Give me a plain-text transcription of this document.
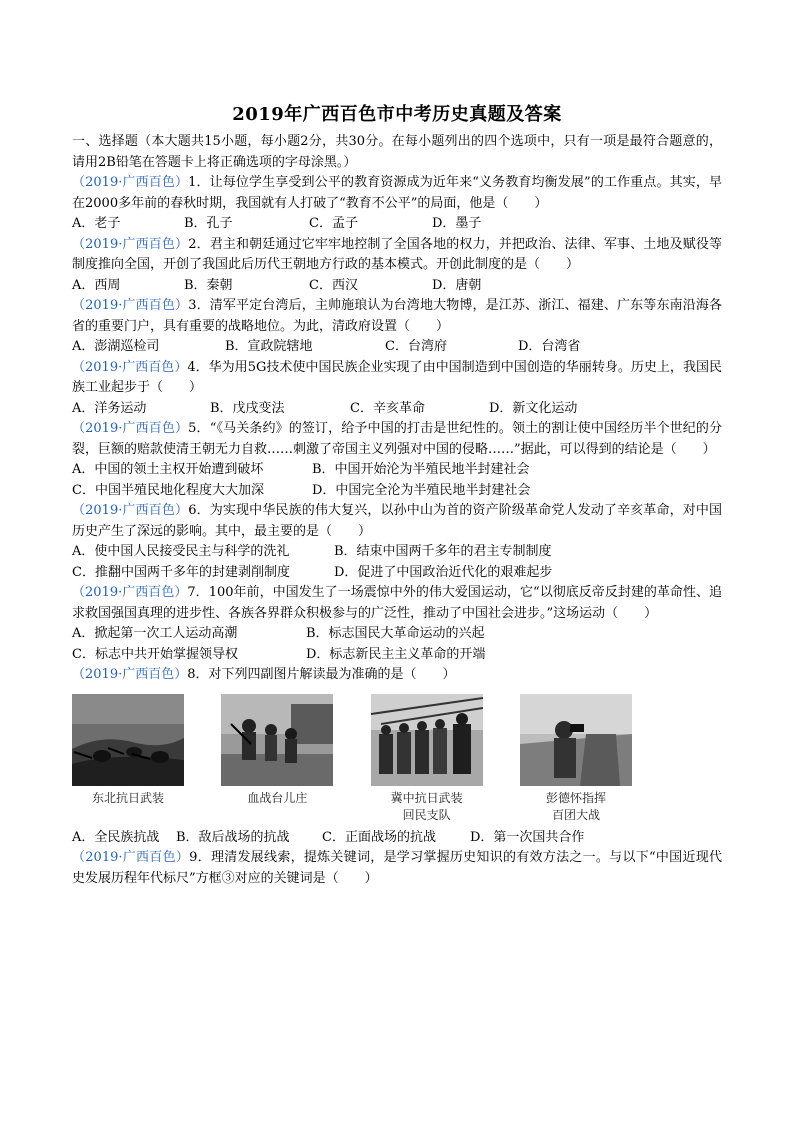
2019年广西百色市中考历史真题及答案

一、选择题（本大题共15小题，每小题2分，共30分。在每小题列出的四个选项中，只有一项是最符合题意的，请用2B铅笔在答题卡上将正确选项的字母涂黑。）

（2019·广西百色）1．让每位学生享受到公平的教育资源成为近年来“义务教育均衡发展”的工作重点。其实，早在2000多年前的春秋时期，我国就有人打破了“教育不公平”的局面，他是（　　）

A．老子	B．孔子	C．孟子	D．墨子

（2019·广西百色）2．君主和朝廷通过它牢牢地控制了全国各地的权力，并把政治、法律、军事、土地及赋役等制度推向全国，开创了我国此后历代王朝地方行政的基本模式。开创此制度的是（　　）

A．西周	B．秦朝	C．西汉	D．唐朝

（2019·广西百色）3．清军平定台湾后，主帅施琅认为台湾地大物博，是江苏、浙江、福建、广东等东南沿海各省的重要门户，具有重要的战略地位。为此，清政府设置（　　）

A．澎湖巡检司	B．宣政院辖地	C．台湾府	D．台湾省

（2019·广西百色）4．华为用5G技术使中国民族企业实现了由中国制造到中国创造的华丽转身。历史上，我国民族工业起步于（　　）

A．洋务运动	B．戊戌变法	C．辛亥革命	D．新文化运动

（2019·广西百色）5．“《马关条约》的签订，给予中国的打击是世纪性的。领土的割让使中国经历半个世纪的分裂，巨额的赔款使清王朝无力自救……刺激了帝国主义列强对中国的侵略……”据此，可以得到的结论是（　　）

A．中国的领土主权开始遭到破坏	B．中国开始沦为半殖民地半封建社会
C．中国半殖民地化程度大大加深	D．中国完全沦为半殖民地半封建社会

（2019·广西百色）6．为实现中华民族的伟大复兴，以孙中山为首的资产阶级革命党人发动了辛亥革命，对中国历史产生了深远的影响。其中，最主要的是（　　）

A．使中国人民接受民主与科学的洗礼	B．结束中国两千多年的君主专制制度
C．推翻中国两千多年的封建剥削制度	D．促进了中国政治近代化的艰难起步

（2019·广西百色）7．100年前，中国发生了一场震惊中外的伟大爱国运动，它“以彻底反帝反封建的革命性、追求救国强国真理的进步性、各族各界群众积极参与的广泛性，推动了中国社会进步。”这场运动（　　）

A．掀起第一次工人运动高潮	B．标志国民大革命运动的兴起
C．标志中共开始掌握领导权	D．标志新民主主义革命的开端

（2019·广西百色）8．对下列四副图片解读最为准确的是（　　）

东北抗日武装	血战台儿庄	冀中抗日武装
回民支队
彭德怀指挥
百团大战
A．全民族抗战	B．敌后战场的抗战	C．正面战场的抗战	D．第一次国共合作

（2019·广西百色）9．理清发展线索，提炼关键词，是学习掌握历史知识的有效方法之一。与以下“中国近现代史发展历程年代标尺”方框③对应的关键词是（　　）
